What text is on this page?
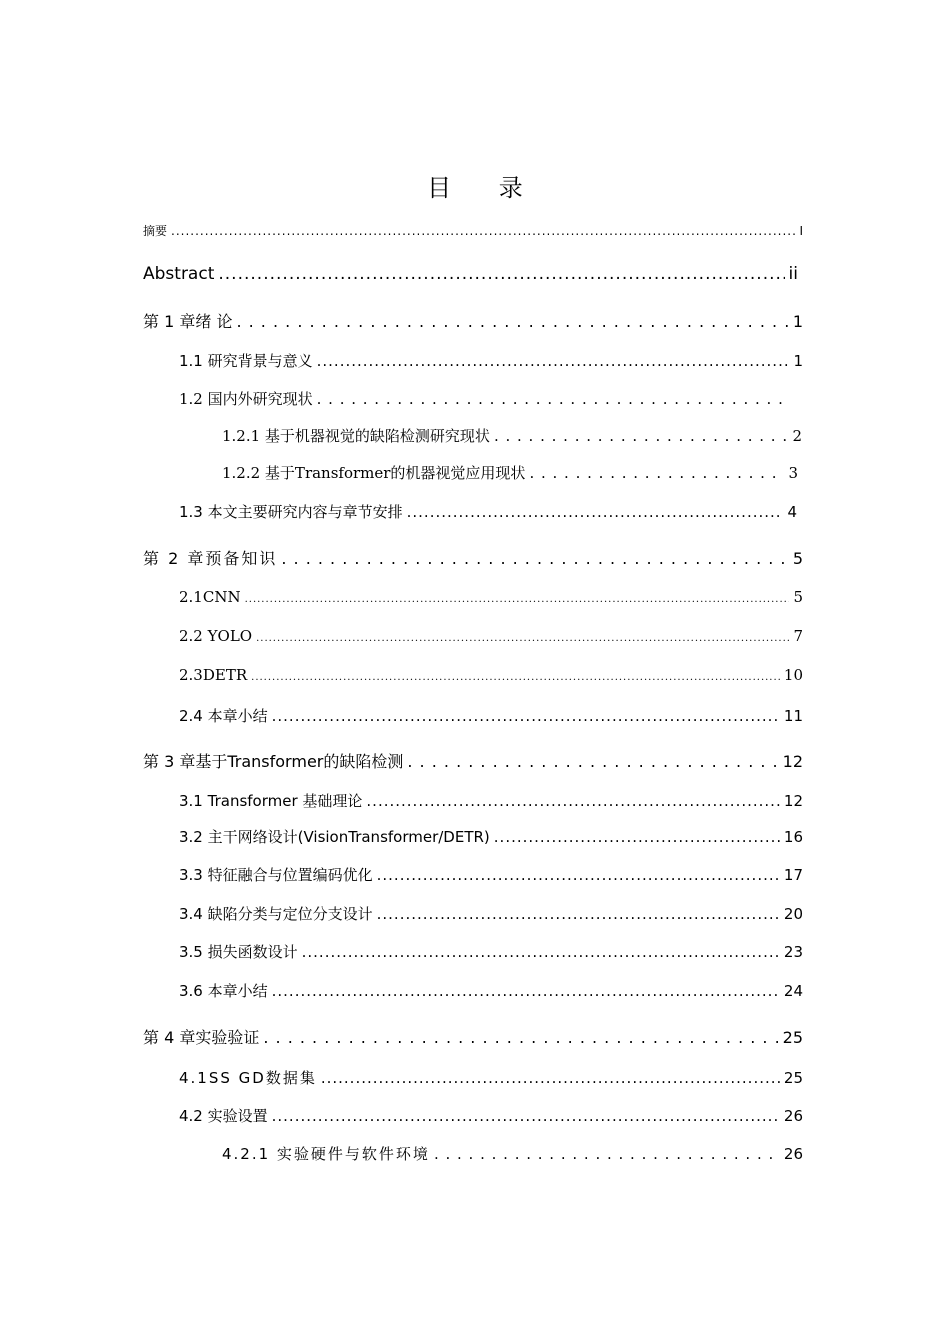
目 录
摘要 .....	I
Abstract .....	ii
第 1 章绪 论 . . .	1
1.1 研究背景与意义 .....	1
1.2 国内外研究现状
. . .
1.2.1 基于机器视觉的缺陷检测研究现状 . . .	2
1.2.2 基于Transformer的机器视觉应用现状 . . .	3
1.3 本文主要研究内容与章节安排 .....	4
第 2 章预备知识 . . .	5
2.1CNN .....	5
2.2 YOLO .....	7
2.3DETR .....	10
2.4 本章小结 .....	11
第 3 章基于Transformer的缺陷检测 . . .	12
3.1 Transformer 基础理论 .....	12
3.2 主干网络设计(VisionTransformer/DETR) .....	16
3.3 特征融合与位置编码优化 .....	17
3.4 缺陷分类与定位分支设计 .....	20
3.5 损失函数设计 .....	23
3.6 本章小结 .....	24
第 4 章实验验证 . . .	25
4.1SS GD数据集 .....	25
4.2 实验设置 .....	26
4.2.1 实验硬件与软件环境 . . .	26
